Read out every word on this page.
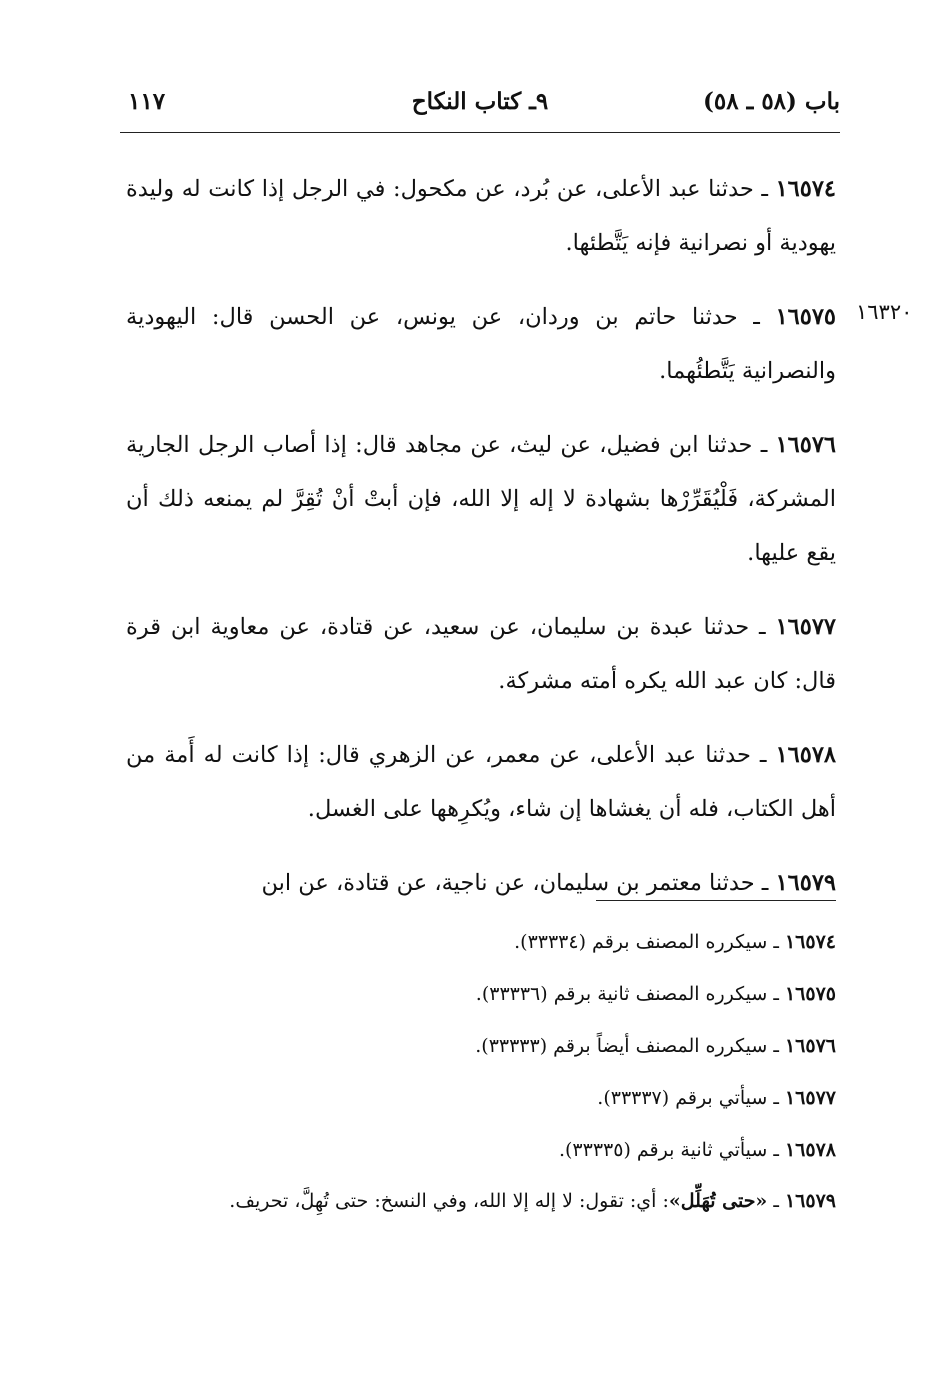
باب (٥٨ ـ ٥٨)
٩ـ كتاب النكاح
١١٧
١٦٣٢٠

١٦٥٧٤ ـ حدثنا عبد الأعلى، عن بُرد، عن مكحول: في الرجل إذا كانت له وليدة يهودية أو نصرانية فإنه يَتَّطئها.

١٦٥٧٥ ـ حدثنا حاتم بن وردان، عن يونس، عن الحسن قال: اليهودية والنصرانية يَتَّطئُهما.

١٦٥٧٦ ـ حدثنا ابن فضيل، عن ليث، عن مجاهد قال: إذا أصاب الرجل الجارية المشركة، فَلْيُقَرِّرْها بشهادة لا إله إلا الله، فإن أبتْ أنْ تُقِرَّ لم يمنعه ذلك أن يقع عليها.

١٦٥٧٧ ـ حدثنا عبدة بن سليمان، عن سعيد، عن قتادة، عن معاوية ابن قرة قال: كان عبد الله يكره أمته مشركة.

١٦٥٧٨ ـ حدثنا عبد الأعلى، عن معمر، عن الزهري قال: إذا كانت له أَمة من أهل الكتاب، فله أن يغشاها إن شاء، ويُكرِهها على الغسل.

١٦٥٧٩ ـ حدثنا معتمر بن سليمان، عن ناجية، عن قتادة، عن ابن

١٦٥٧٤ ـ سيكرره المصنف برقم (٣٣٣٣٤).

١٦٥٧٥ ـ سيكرره المصنف ثانية برقم (٣٣٣٣٦).

١٦٥٧٦ ـ سيكرره المصنف أيضاً برقم (٣٣٣٣٣).

١٦٥٧٧ ـ سيأتي برقم (٣٣٣٣٧).

١٦٥٧٨ ـ سيأتي ثانية برقم (٣٣٣٣٥).

١٦٥٧٩ ـ «حتى تُهَلِّل»: أي: تقول: لا إله إلا الله، وفي النسخ: حتى تُهِلَّ، تحريف.
